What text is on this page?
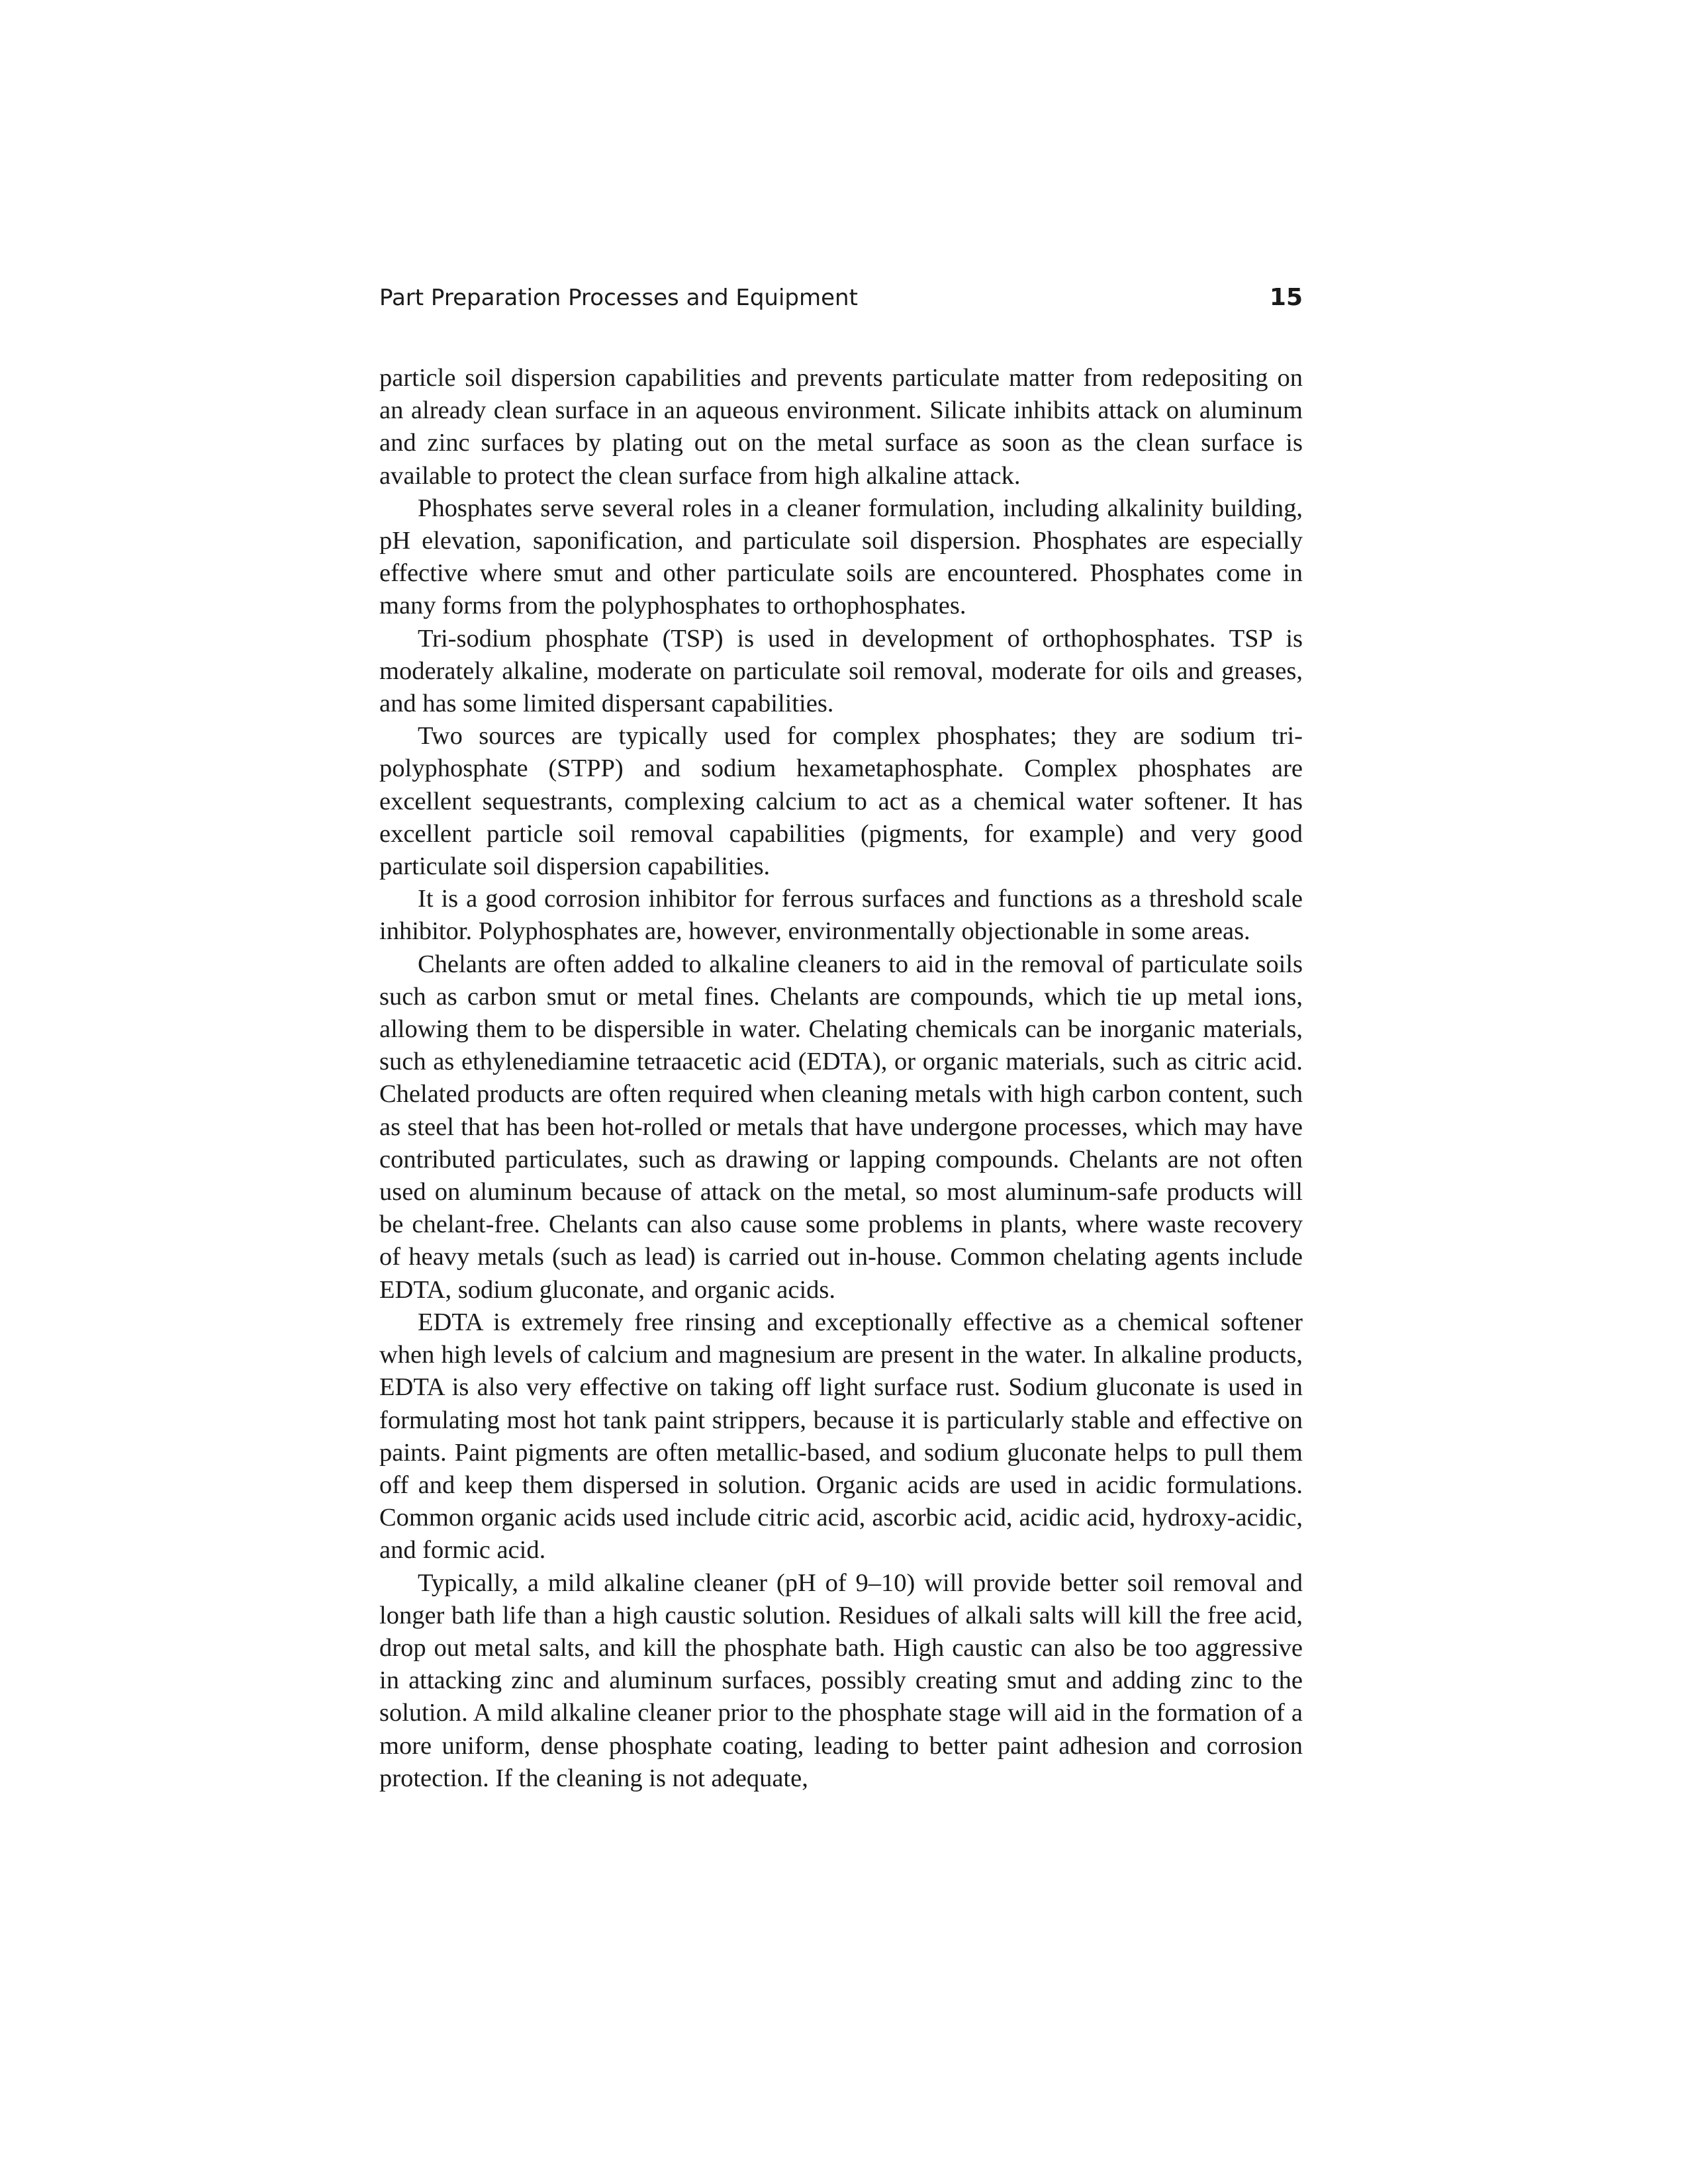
Part Preparation Processes and Equipment	15

particle soil dispersion capabilities and prevents particulate matter from redepositing on an already clean surface in an aqueous environment. Silicate inhibits attack on aluminum and zinc surfaces by plating out on the metal surface as soon as the clean surface is available to protect the clean surface from high alkaline attack.

Phosphates serve several roles in a cleaner formulation, including alkalinity building, pH elevation, saponification, and particulate soil dispersion. Phosphates are especially effective where smut and other particulate soils are encountered. Phosphates come in many forms from the polyphosphates to orthophosphates.

Tri-sodium phosphate (TSP) is used in development of orthophosphates. TSP is moderately alkaline, moderate on particulate soil removal, moderate for oils and greases, and has some limited dispersant capabilities.

Two sources are typically used for complex phosphates; they are sodium tri-polyphosphate (STPP) and sodium hexametaphosphate. Complex phosphates are excellent sequestrants, complexing calcium to act as a chemical water softener. It has excellent particle soil removal capabilities (pigments, for example) and very good particulate soil dispersion capabilities.

It is a good corrosion inhibitor for ferrous surfaces and functions as a threshold scale inhibitor. Polyphosphates are, however, environmentally objectionable in some areas.

Chelants are often added to alkaline cleaners to aid in the removal of particulate soils such as carbon smut or metal fines. Chelants are compounds, which tie up metal ions, allowing them to be dispersible in water. Chelating chemicals can be inorganic materials, such as ethylenediamine tetraacetic acid (EDTA), or organic materials, such as citric acid. Chelated products are often required when cleaning metals with high carbon content, such as steel that has been hot-rolled or metals that have undergone processes, which may have contributed particulates, such as drawing or lapping compounds. Chelants are not often used on aluminum because of attack on the metal, so most aluminum-safe products will be chelant-free. Chelants can also cause some problems in plants, where waste recovery of heavy metals (such as lead) is carried out in-house. Common chelating agents include EDTA, sodium gluconate, and organic acids.

EDTA is extremely free rinsing and exceptionally effective as a chemical softener when high levels of calcium and magnesium are present in the water. In alkaline products, EDTA is also very effective on taking off light surface rust. Sodium gluconate is used in formulating most hot tank paint strippers, because it is particularly stable and effective on paints. Paint pigments are often metallic-based, and sodium gluconate helps to pull them off and keep them dispersed in solution. Organic acids are used in acidic formulations. Common organic acids used include citric acid, ascorbic acid, acidic acid, hydroxy-acidic, and formic acid.

Typically, a mild alkaline cleaner (pH of 9–10) will provide better soil removal and longer bath life than a high caustic solution. Residues of alkali salts will kill the free acid, drop out metal salts, and kill the phosphate bath. High caustic can also be too aggressive in attacking zinc and aluminum surfaces, possibly creating smut and adding zinc to the solution. A mild alkaline cleaner prior to the phosphate stage will aid in the formation of a more uniform, dense phosphate coating, leading to better paint adhesion and corrosion protection. If the cleaning is not adequate,
